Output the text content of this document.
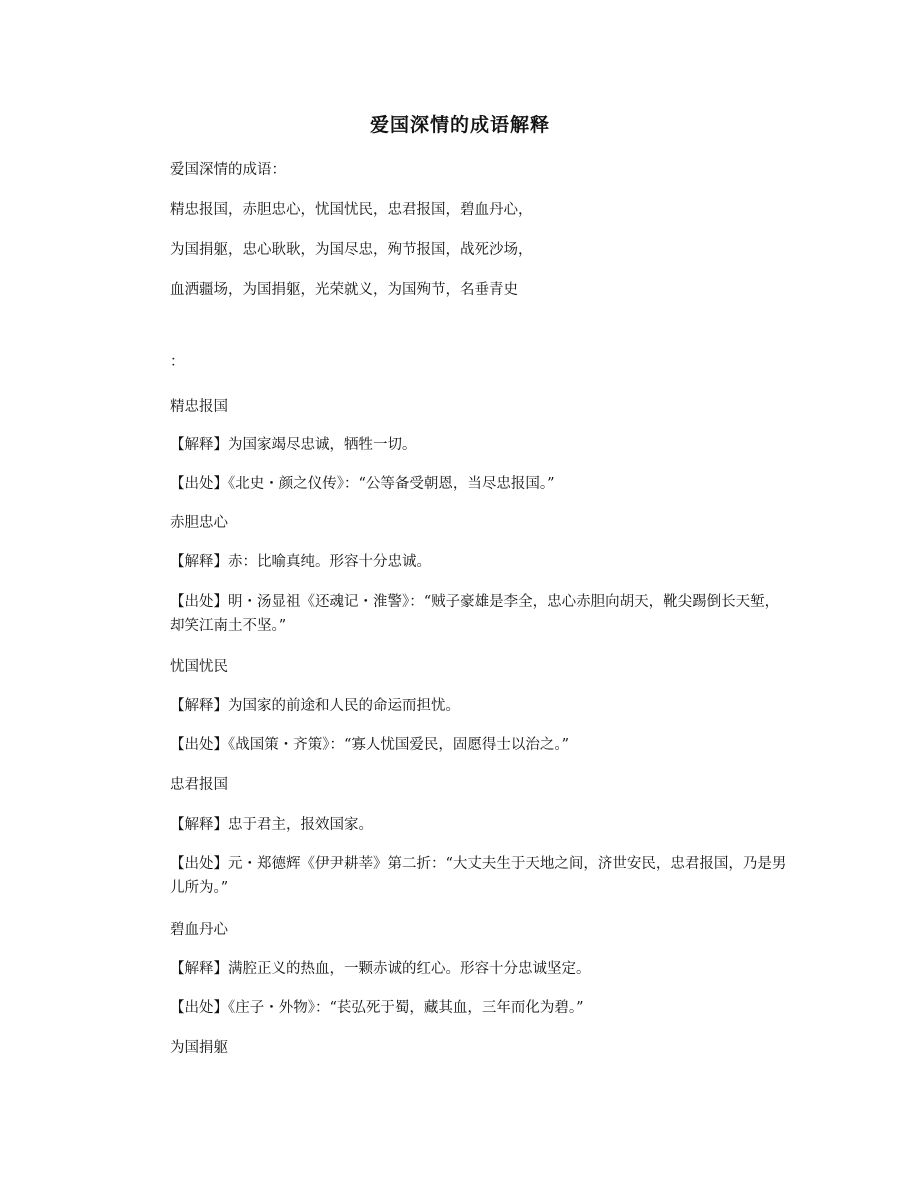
爱国深情的成语解释
爱国深情的成语：
精忠报国，赤胆忠心，忧国忧民，忠君报国，碧血丹心，
为国捐躯，忠心耿耿，为国尽忠，殉节报国，战死沙场，
血洒疆场，为国捐躯，光荣就义，为国殉节，名垂青史
：
精忠报国
【解释】为国家竭尽忠诚，牺牲一切。
【出处】《北史・颜之仪传》：“公等备受朝恩，当尽忠报国。”
赤胆忠心
【解释】赤：比喻真纯。形容十分忠诚。
【出处】明・汤显祖《还魂记・淮警》：“贼子豪雄是李全，忠心赤胆向胡天，靴尖踢倒长天堑，却笑江南土不坚。”
忧国忧民
【解释】为国家的前途和人民的命运而担忧。
【出处】《战国策・齐策》：“寡人忧国爱民，固愿得士以治之。”
忠君报国
【解释】忠于君主，报效国家。
【出处】元・郑德辉《伊尹耕莘》第二折：“大丈夫生于天地之间，济世安民，忠君报国，乃是男儿所为。”
碧血丹心
【解释】满腔正义的热血，一颗赤诚的红心。形容十分忠诚坚定。
【出处】《庄子・外物》：“苌弘死于蜀，藏其血，三年而化为碧。”
为国捐躯
